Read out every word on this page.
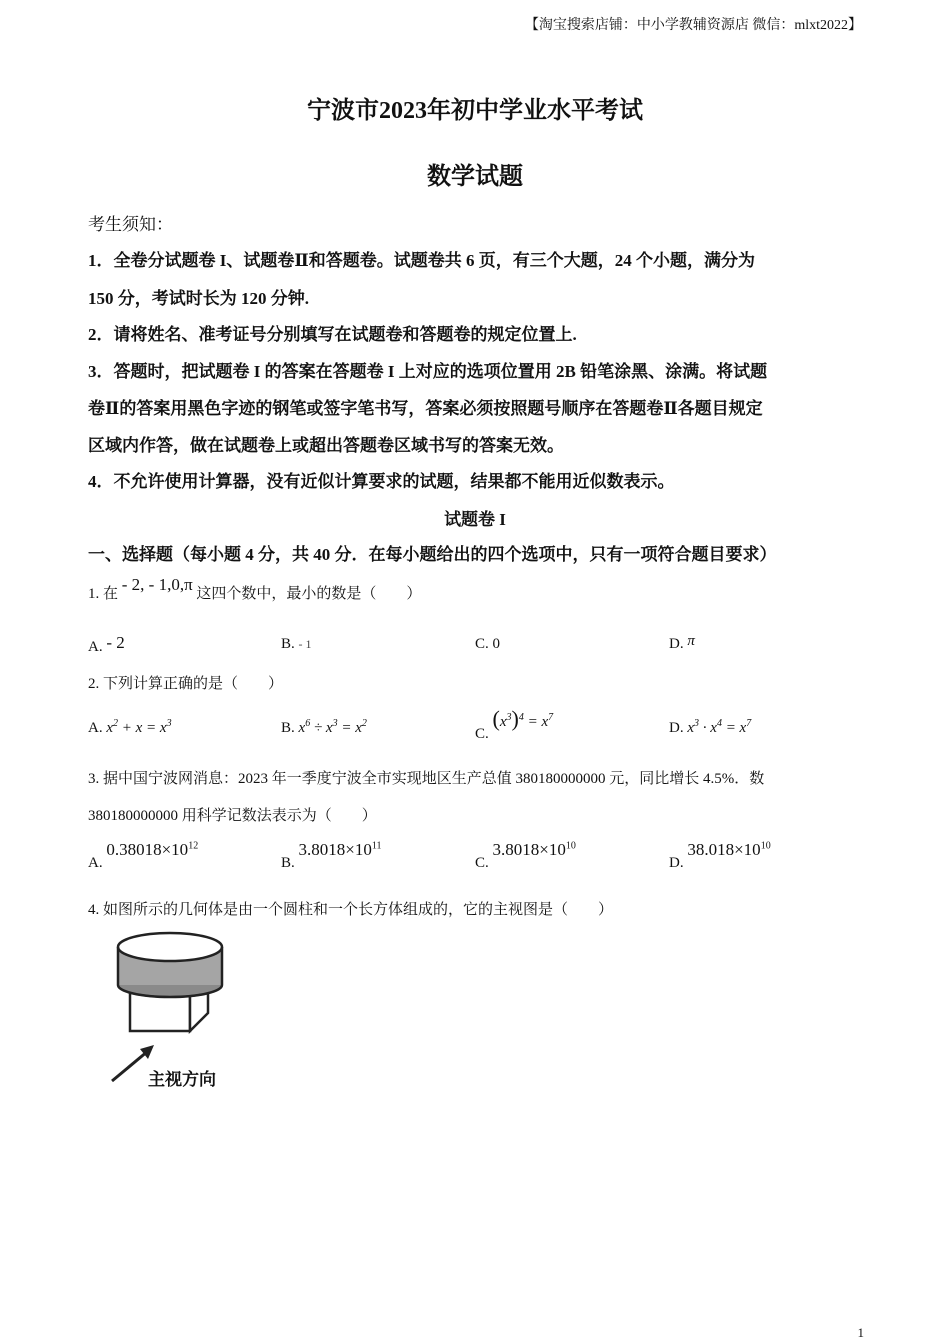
【淘宝搜索店铺：中小学教辅资源店 微信：mlxt2022】
宁波市2023年初中学业水平考试
数学试题
考生须知：
1．全卷分试题卷 I、试题卷Ⅱ和答题卷。试题卷共 6 页，有三个大题，24 个小题，满分为
150 分，考试时长为 120 分钟.
2．请将姓名、准考证号分别填写在试题卷和答题卷的规定位置上.
3．答题时，把试题卷 I 的答案在答题卷 I 上对应的选项位置用 2B 铅笔涂黑、涂满。将试题
卷Ⅱ的答案用黑色字迹的钢笔或签字笔书写，答案必须按照题号顺序在答题卷Ⅱ各题目规定
区域内作答，做在试题卷上或超出答题卷区域书写的答案无效。
4．不允许使用计算器，没有近似计算要求的试题，结果都不能用近似数表示。
试题卷 I
一、选择题（每小题 4 分，共 40 分．在每小题给出的四个选项中，只有一项符合题目要求）
1. 在 - 2, - 1,0,π 这四个数中，最小的数是（　　）
A. - 2	B. - 1	C. 0	D. π
2. 下列计算正确的是（　　）
A. $x^2 + x = x^3$	B. $x^6 \div x^3 = x^2$
C. $(x^3)^4 = x^7$
D. $x^3 \cdot x^4 = x^7$
3. 据中国宁波网消息：2023 年一季度宁波全市实现地区生产总值 380180000000 元，同比增长 4.5%．数
380180000000 用科学记数法表示为（　　）
A. $0.38018\times 10^{12}$
B. $3.8018\times 10^{11}$
C. $3.8018\times 10^{10}$
D. $38.018\times 10^{10}$
4. 如图所示的几何体是由一个圆柱和一个长方体组成的，它的主视图是（　　）
主视方向
1
